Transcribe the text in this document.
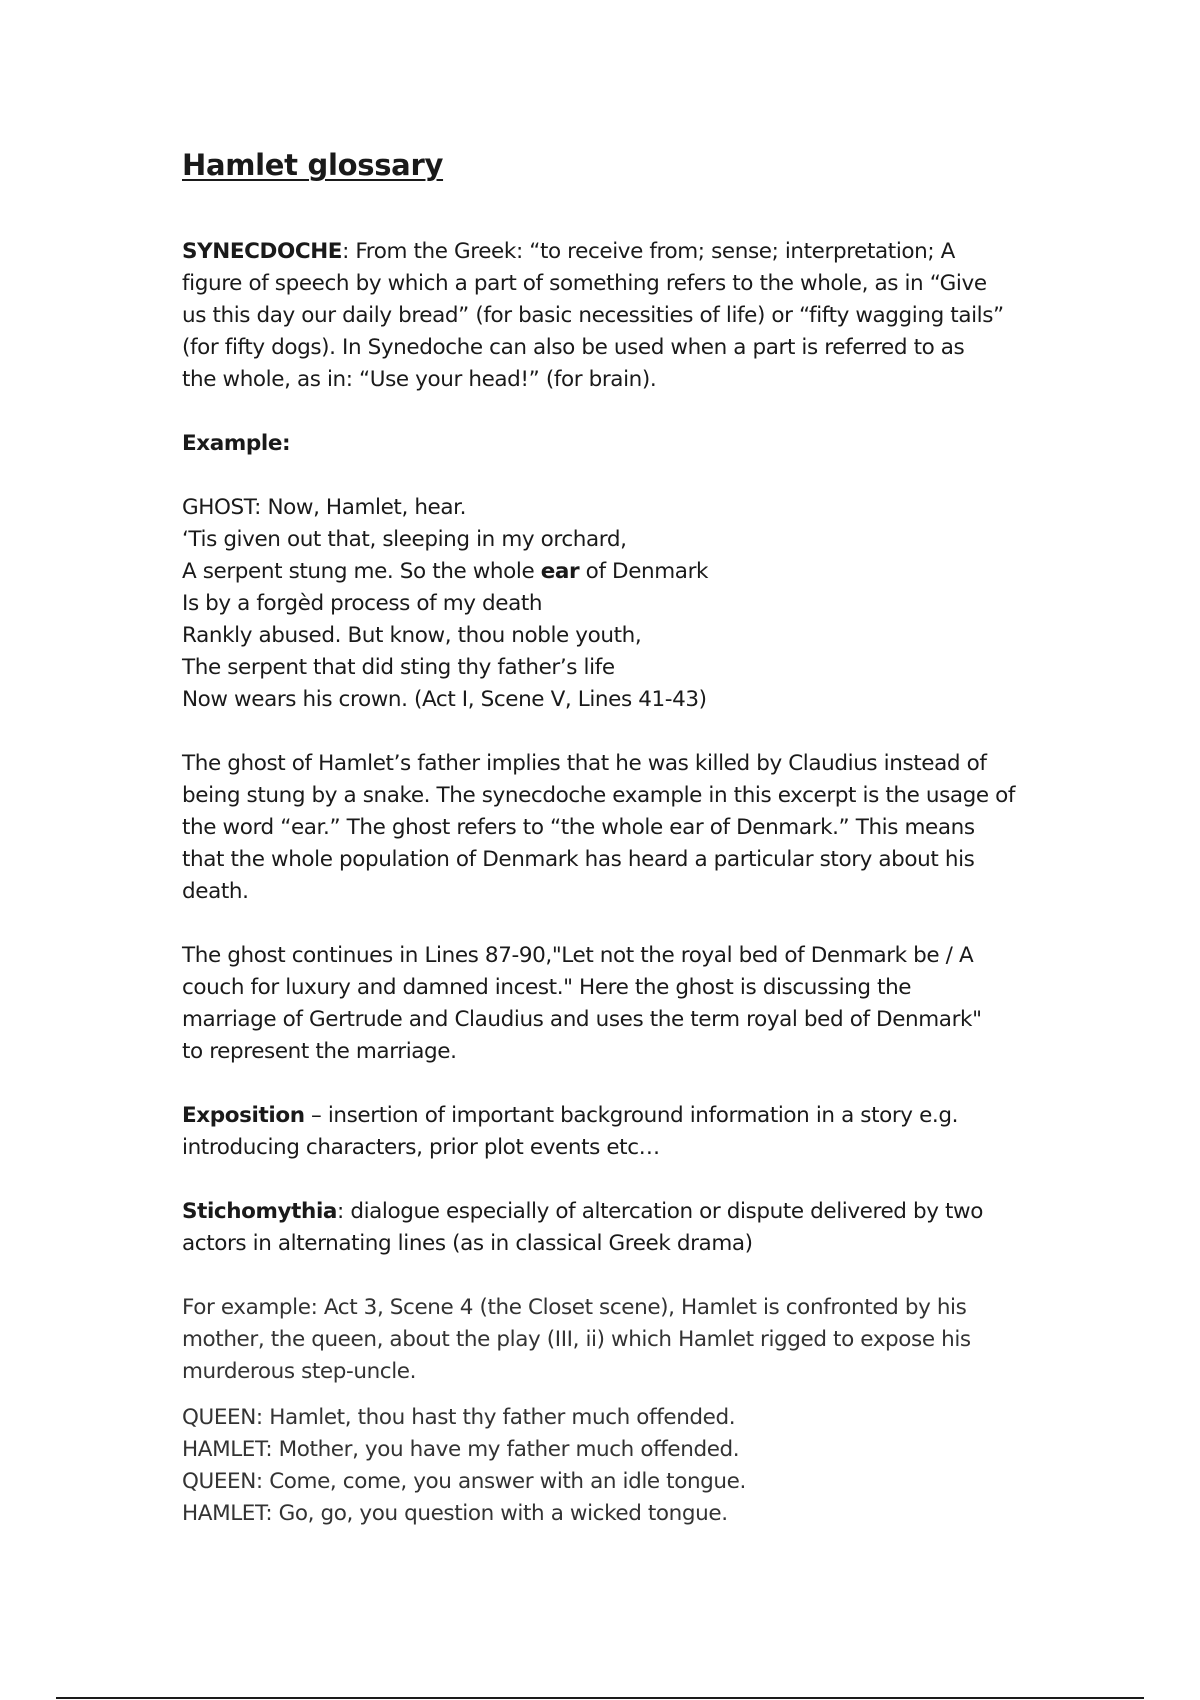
Hamlet glossary

SYNECDOCHE: From the Greek: “to receive from; sense; interpretation; A
figure of speech by which a part of something refers to the whole, as in “Give
us this day our daily bread” (for basic necessities of life) or “fifty wagging tails”
(for fifty dogs). In Synedoche can also be used when a part is referred to as
the whole, as in: “Use your head!” (for brain).

Example:

GHOST: Now, Hamlet, hear.
‘Tis given out that, sleeping in my orchard,
A serpent stung me. So the whole ear of Denmark
Is by a forgèd process of my death
Rankly abused. But know, thou noble youth,
The serpent that did sting thy father’s life
Now wears his crown. (Act I, Scene V, Lines 41-43)

The ghost of Hamlet’s father implies that he was killed by Claudius instead of
being stung by a snake. The synecdoche example in this excerpt is the usage of
the word “ear.” The ghost refers to “the whole ear of Denmark.” This means
that the whole population of Denmark has heard a particular story about his
death.

The ghost continues in Lines 87-90,"Let not the royal bed of Denmark be / A
couch for luxury and damned incest." Here the ghost is discussing the
marriage of Gertrude and Claudius and uses the term royal bed of Denmark"
to represent the marriage.

Exposition – insertion of important background information in a story e.g.
introducing characters, prior plot events etc…

Stichomythia: dialogue especially of altercation or dispute delivered by two
actors in alternating lines (as in classical Greek drama)

For example: Act 3, Scene 4 (the Closet scene), Hamlet is confronted by his
mother, the queen, about the play (III, ii) which Hamlet rigged to expose his
murderous step-uncle.

QUEEN: Hamlet, thou hast thy father much offended.
HAMLET: Mother, you have my father much offended.
QUEEN: Come, come, you answer with an idle tongue.
HAMLET: Go, go, you question with a wicked tongue.
